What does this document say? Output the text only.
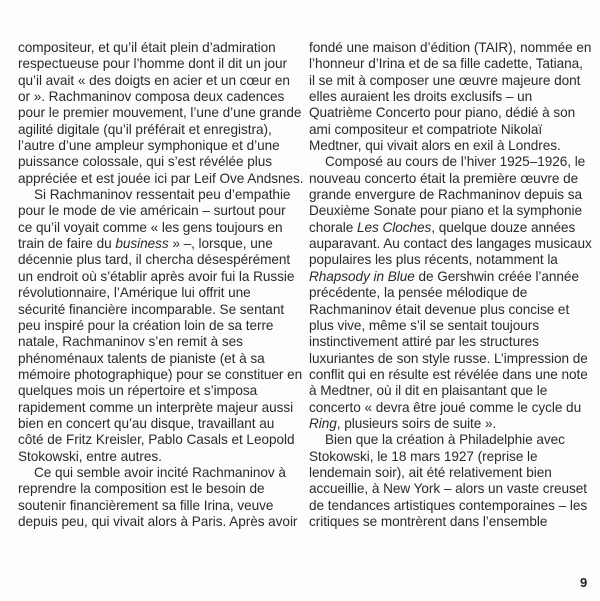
compositeur, et qu’il était plein d’admiration
respectueuse pour l’homme dont il dit un jour
qu’il avait « des doigts en acier et un cœur en
or ». Rachmaninov composa deux cadences
pour le premier mouvement, l’une d’une grande
agilité digitale (qu’il préférait et enregistra),
l’autre d’une ampleur symphonique et d’une
puissance colossale, qui s’est révélée plus
appréciée et est jouée ici par Leif Ove Andsnes.
Si Rachmaninov ressentait peu d’empathie
pour le mode de vie américain – surtout pour
ce qu’il voyait comme « les gens toujours en
train de faire du business » –, lorsque, une
décennie plus tard, il chercha désespérément
un endroit où s’établir après avoir fui la Russie
révolutionnaire, l’Amérique lui offrit une
sécurité financière incomparable. Se sentant
peu inspiré pour la création loin de sa terre
natale, Rachmaninov s’en remit à ses
phénoménaux talents de pianiste (et à sa
mémoire photographique) pour se constituer en
quelques mois un répertoire et s’imposa
rapidement comme un interprète majeur aussi
bien en concert qu’au disque, travaillant au
côté de Fritz Kreisler, Pablo Casals et Leopold
Stokowski, entre autres.
Ce qui semble avoir incité Rachmaninov à
reprendre la composition est le besoin de
soutenir financièrement sa fille Irina, veuve
depuis peu, qui vivait alors à Paris. Après avoir
fondé une maison d’édition (TAIR), nommée en
l’honneur d’Irina et de sa fille cadette, Tatiana,
il se mit à composer une œuvre majeure dont
elles auraient les droits exclusifs – un
Quatrième Concerto pour piano, dédié à son
ami compositeur et compatriote Nikolaï
Medtner, qui vivait alors en exil à Londres.
Composé au cours de l’hiver 1925–1926, le
nouveau concerto était la première œuvre de
grande envergure de Rachmaninov depuis sa
Deuxième Sonate pour piano et la symphonie
chorale Les Cloches, quelque douze années
auparavant. Au contact des langages musicaux
populaires les plus récents, notamment la
Rhapsody in Blue de Gershwin créée l’année
précédente, la pensée mélodique de
Rachmaninov était devenue plus concise et
plus vive, même s’il se sentait toujours
instinctivement attiré par les structures
luxuriantes de son style russe. L’impression de
conflit qui en résulte est révélée dans une note
à Medtner, où il dit en plaisantant que le
concerto « devra être joué comme le cycle du
Ring, plusieurs soirs de suite ».
Bien que la création à Philadelphie avec
Stokowski, le 18 mars 1927 (reprise le
lendemain soir), ait été relativement bien
accueillie, à New York – alors un vaste creuset
de tendances artistiques contemporaines – les
critiques se montrèrent dans l’ensemble
9
